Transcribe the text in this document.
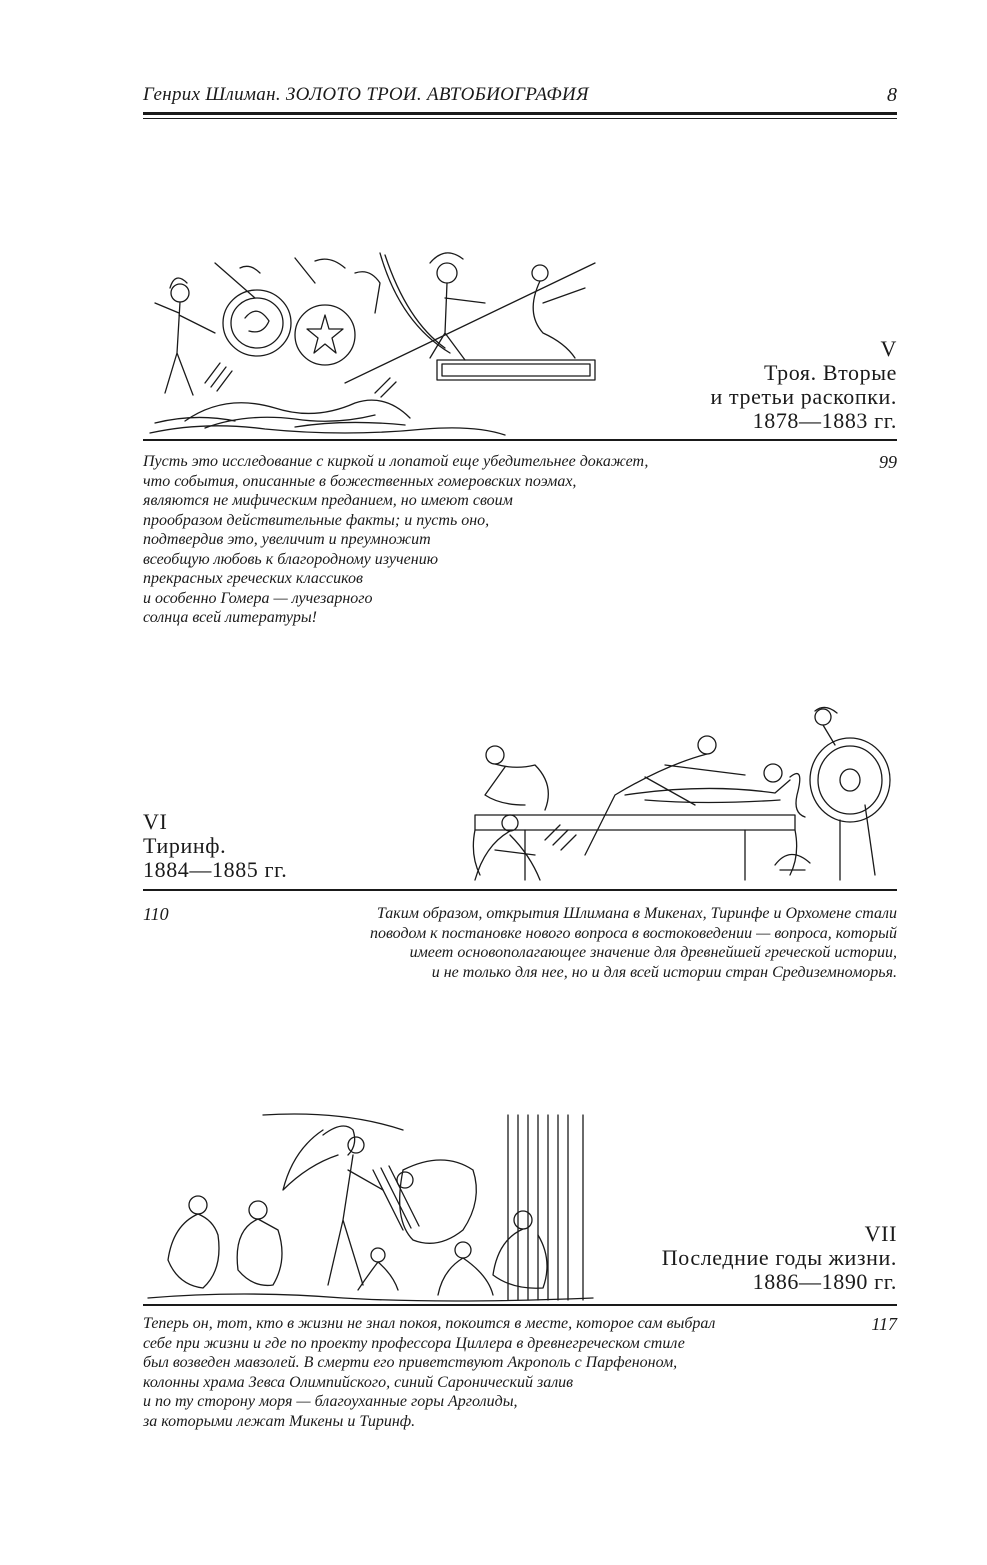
Генрих Шлиман. ЗОЛОТО ТРОИ. АВТОБИОГРАФИЯ	8
V
Троя. Вторые
и третьи раскопки.
1878—1883 гг.
Пусть это исследование с киркой и лопатой еще убедительнее докажет,
что события, описанные в божественных гомеровских поэмах,
являются не мифическим преданием, но имеют своим
прообразом действительные факты; и пусть оно,
подтвердив это, увеличит и преумножит
всеобщую любовь к благородному изучению
прекрасных греческих классиков
и особенно Гомера — лучезарного
солнца всей литературы!
99
VI
Тиринф.
1884—1885 гг.
110	Таким образом, открытия Шлимана в Микенах, Тиринфе и Орхомене стали
поводом к постановке нового вопроса в востоковедении — вопроса, который
имеет основополагающее значение для древнейшей греческой истории,
и не только для нее, но и для всей истории стран Средиземноморья.
VII
Последние годы жизни.
1886—1890 гг.
Теперь он, тот, кто в жизни не знал покоя, покоится в месте, которое сам выбрал
себе при жизни и где по проекту профессора Циллера в древнегреческом стиле
был возведен мавзолей. В смерти его приветствуют Акрополь с Парфеноном,
колонны храма Зевса Олимпийского, синий Саронический залив
и по ту сторону моря — благоуханные горы Арголиды,
за которыми лежат Микены и Тиринф.
117
